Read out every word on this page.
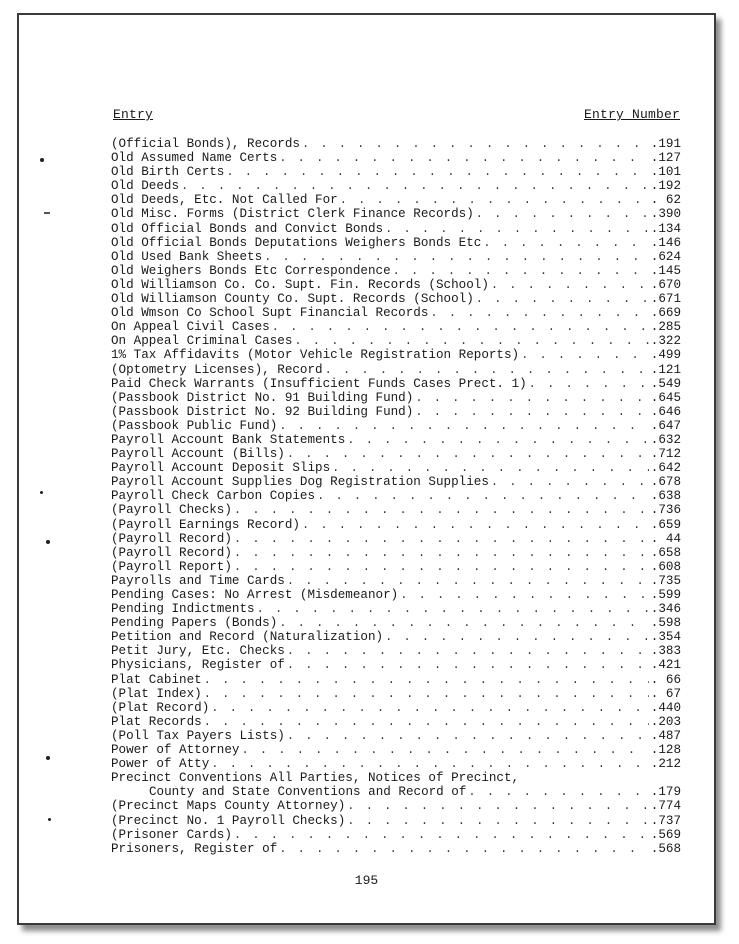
Entry	Entry Number
(Official Bonds), Records . . .	.191
Old Assumed Name Certs . . .	.127
Old Birth Certs . . .	.101
Old Deeds . . .	.192
Old Deeds, Etc. Not Called For . . .	. 62
Old Misc. Forms (District Clerk Finance Records) . . .	.390
Old Official Bonds and Convict Bonds . . .	.134
Old Official Bonds Deputations Weighers Bonds Etc . . .	.146
Old Used Bank Sheets . . .	.624
Old Weighers Bonds Etc Correspondence . . .	.145
Old Williamson Co. Co. Supt. Fin. Records (School) . . .	.670
Old Williamson County Co. Supt. Records (School) . . .	.671
Old Wmson Co School Supt Financial Records . . .	.669
On Appeal Civil Cases . . .	.285
On Appeal Criminal Cases . . .	.322
1% Tax Affidavits (Motor Vehicle Registration Reports) . . .	.499
(Optometry Licenses), Record . . .	.121
Paid Check Warrants (Insufficient Funds Cases Prect. 1) . . .	.549
(Passbook District No. 91 Building Fund) . . .	.645
(Passbook District No. 92 Building Fund) . . .	.646
(Passbook Public Fund) . . .	.647
Payroll Account Bank Statements . . .	.632
Payroll Account (Bills) . . .	.712
Payroll Account Deposit Slips . . .	.642
Payroll Account Supplies Dog Registration Supplies . . .	.678
Payroll Check Carbon Copies . . .	.638
(Payroll Checks) . . .	.736
(Payroll Earnings Record) . . .	.659
(Payroll Record) . . .	. 44
(Payroll Record) . . .	.658
(Payroll Report) . . .	.608
Payrolls and Time Cards . . .	.735
Pending Cases: No Arrest (Misdemeanor) . . .	.599
Pending Indictments . . .	.346
Pending Papers (Bonds) . . .	.598
Petition and Record (Naturalization) . . .	.354
Petit Jury, Etc. Checks . . .	.383
Physicians, Register of . . .	.421
Plat Cabinet . . .	. 66
(Plat Index) . . .	. 67
(Plat Record) . . .	.440
Plat Records . . .	.203
(Poll Tax Payers Lists) . . .	.487
Power of Attorney . . .	.128
Power of Atty . . .	.212
Precinct Conventions All Parties, Notices of Precinct,
County and State Conventions and Record of . . .	.179
(Precinct Maps County Attorney) . . .	.774
(Precinct No. 1 Payroll Checks) . . .	.737
(Prisoner Cards) . . .	.569
Prisoners, Register of . . .	.568
195
